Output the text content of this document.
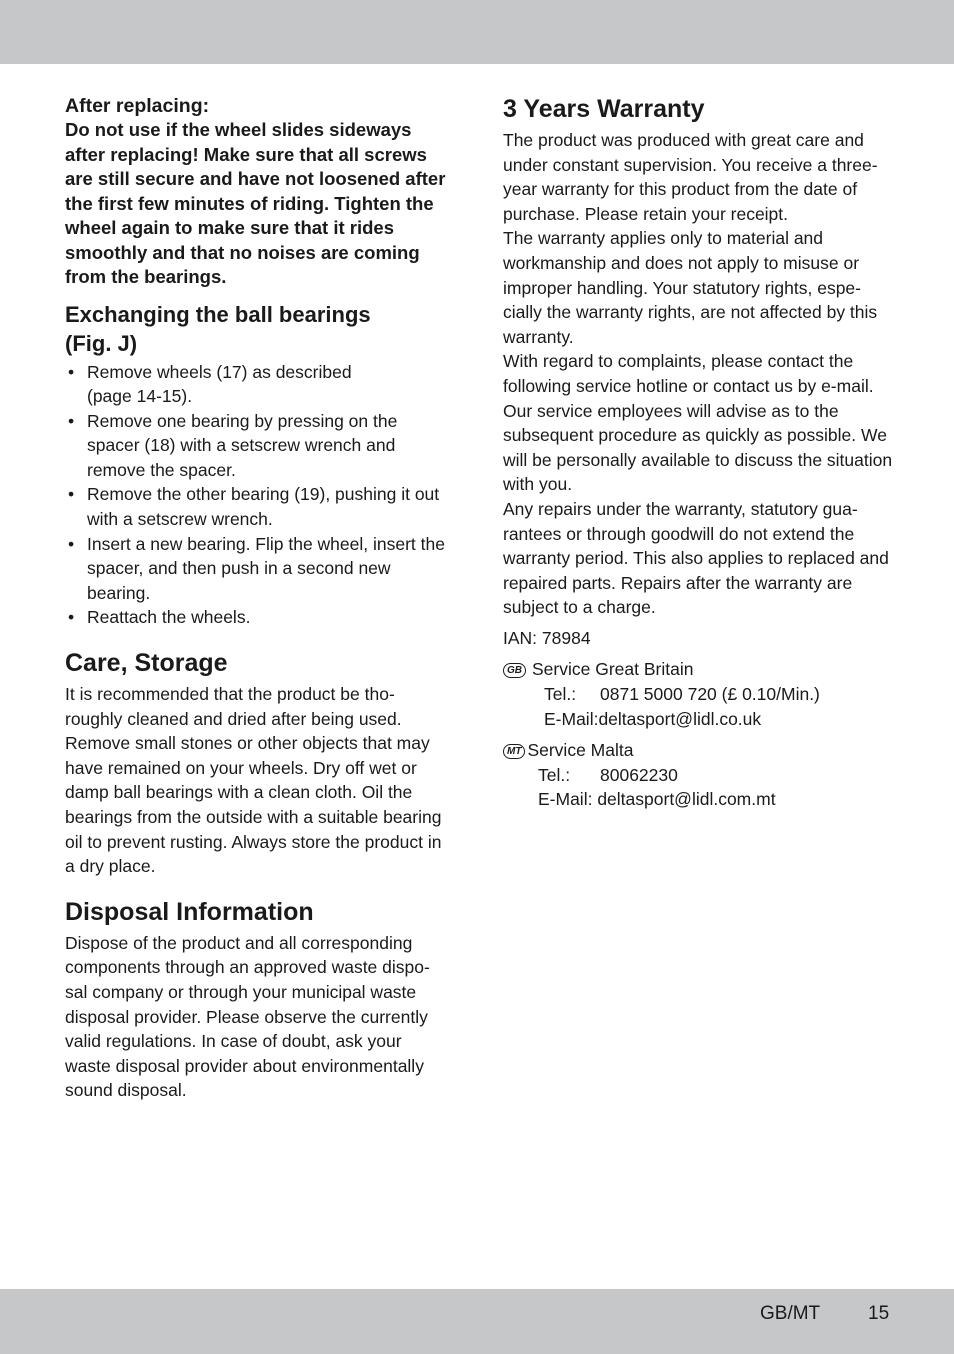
After replacing:

Do not use if the wheel slides sideways after replacing! Make sure that all screws are still secure and have not loosened after the first few minutes of riding. Tighten the wheel again to make sure that it rides smoothly and that no noises are coming from the bearings.

Exchanging the ball bearings
(Fig. J)
• Remove wheels (17) as described
(page 14-15).
• Remove one bearing by pressing on the spacer (18) with a setscrew wrench and remove the spacer.
• Remove the other bearing (19), pushing it out with a setscrew wrench.
• Insert a new bearing. Flip the wheel, insert the spacer, and then push in a second new bearing.
• Reattach the wheels.
Care, Storage

It is recommended that the product be tho-roughly cleaned and dried after being used. Remove small stones or other objects that may have remained on your wheels. Dry off wet or damp ball bearings with a clean cloth. Oil the bearings from the outside with a suitable bearing oil to prevent rusting. Always store the product in a dry place.

Disposal Information

Dispose of the product and all corresponding components through an approved waste dispo-sal company or through your municipal waste disposal provider. Please observe the currently valid regulations. In case of doubt, ask your waste disposal provider about environmentally sound disposal.

3 Years Warranty

The product was produced with great care and under constant supervision. You receive a three-year warranty for this product from the date of purchase. Please retain your receipt.

The warranty applies only to material and workmanship and does not apply to misuse or improper handling. Your statutory rights, espe-cially the warranty rights, are not affected by this warranty.

With regard to complaints, please contact the following service hotline or contact us by e-mail. Our service employees will advise as to the subsequent procedure as quickly as possible. We will be personally available to discuss the situation with you.

Any repairs under the warranty, statutory gua-rantees or through goodwill do not extend the warranty period. This also applies to replaced and repaired parts. Repairs after the warranty are subject to a charge.

IAN: 78984
GB Service Great Britain
Tel.: 0871 5000 720 (£ 0.10/Min.)
E-Mail:deltasport@lidl.co.uk
MT Service Malta
Tel.: 80062230
E-Mail: deltasport@lidl.com.mt
GB/MT	15
